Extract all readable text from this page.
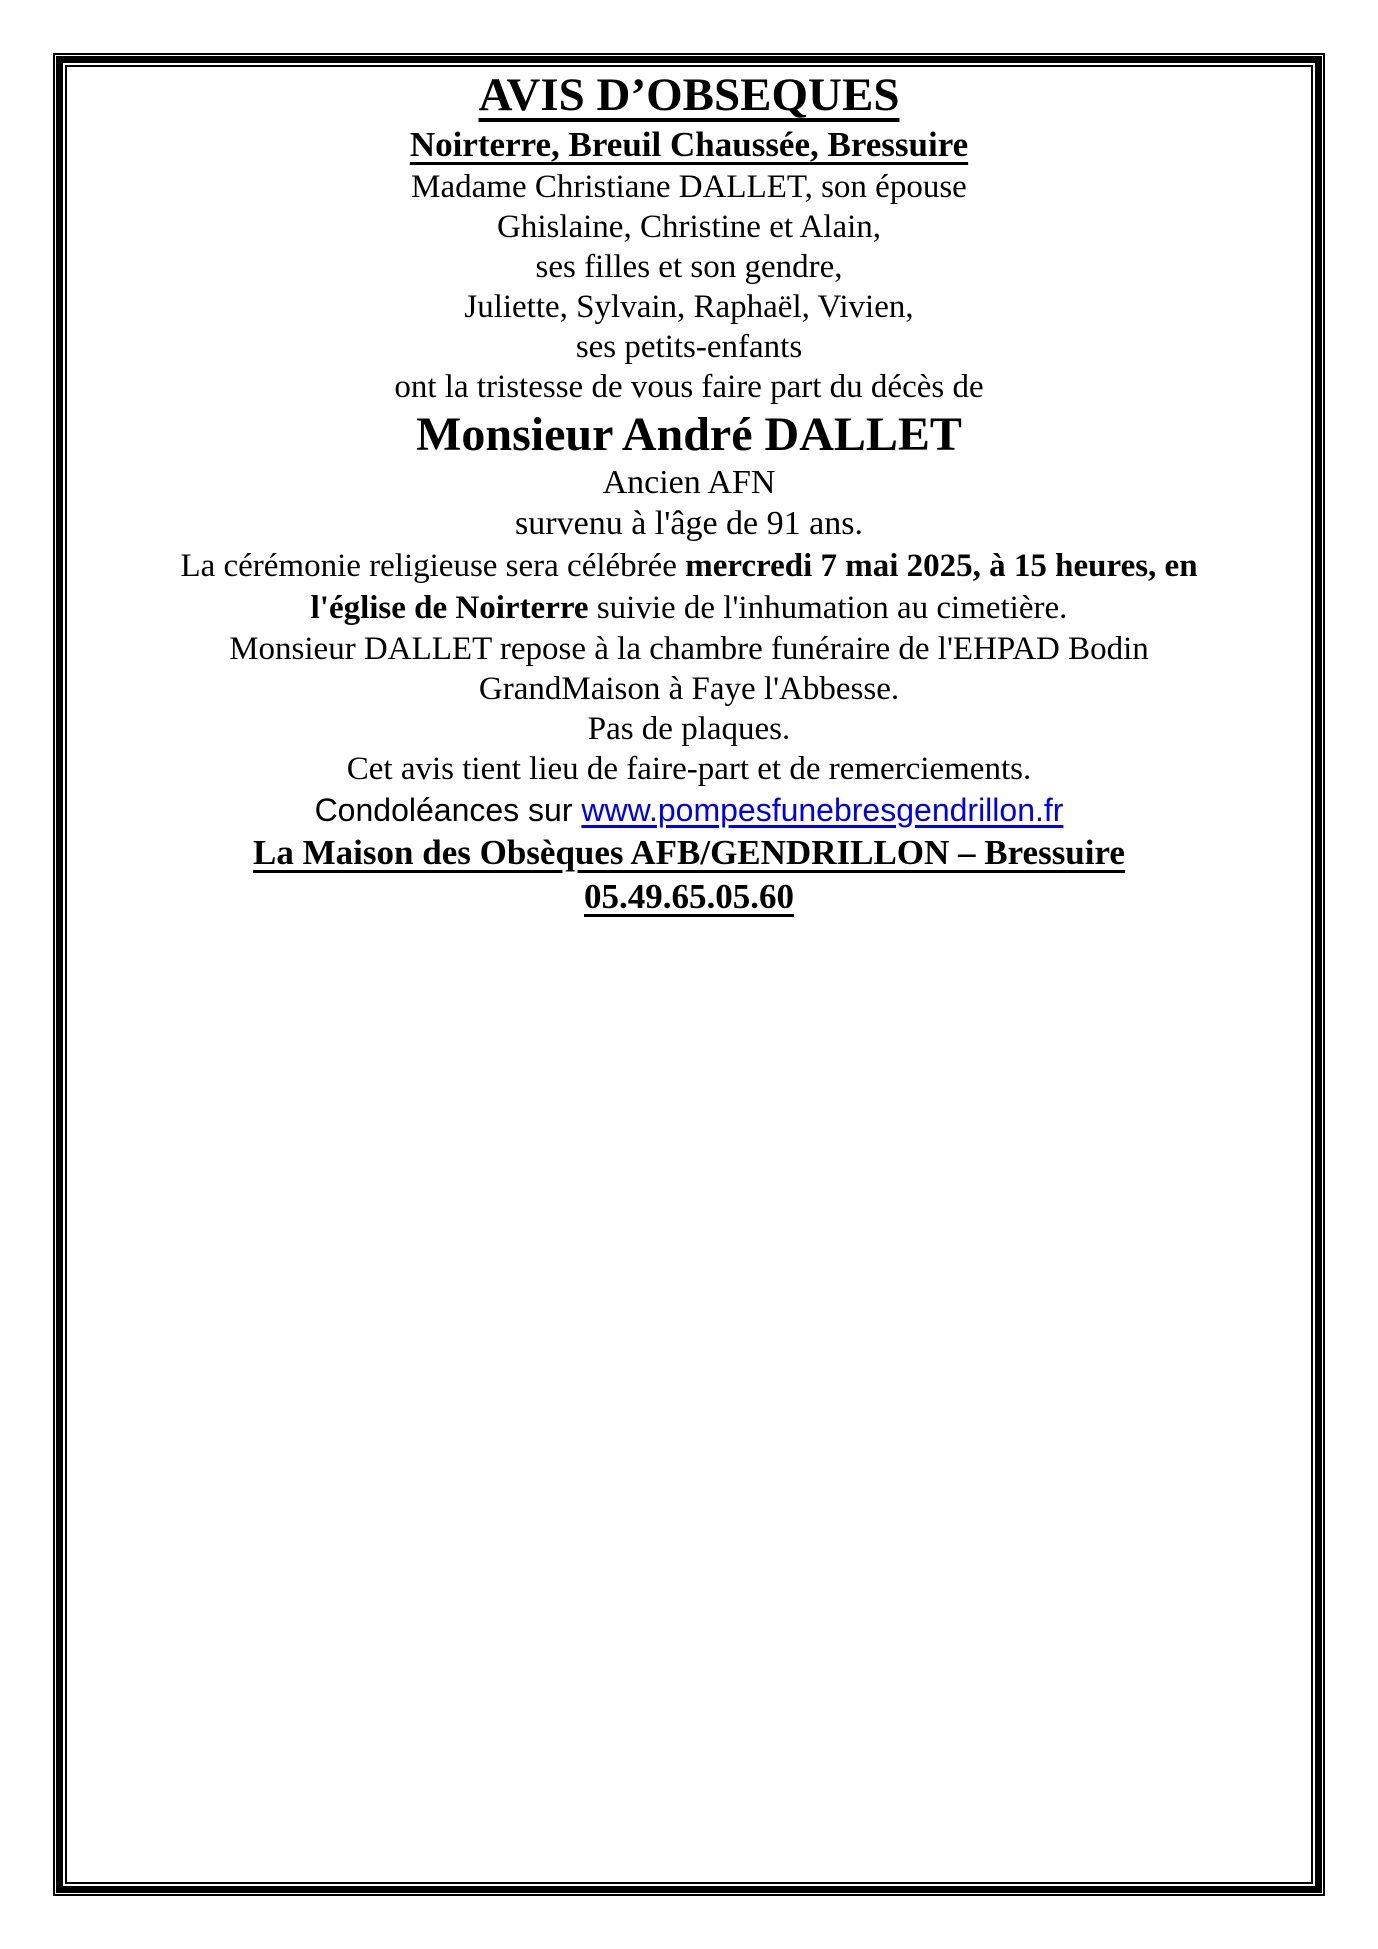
AVIS D’OBSEQUES

Noirterre, Breuil Chaussée, Bressuire

Madame Christiane DALLET, son épouse

Ghislaine, Christine et Alain,
ses filles et son gendre,

Juliette, Sylvain, Raphaël, Vivien,
ses petits-enfants

ont la tristesse de vous faire part du décès de

Monsieur André DALLET

Ancien AFN

survenu à l'âge de 91 ans.

La cérémonie religieuse sera célébrée mercredi 7 mai 2025, à 15 heures, en
l'église de Noirterre suivie de l'inhumation au cimetière.

Monsieur DALLET repose à la chambre funéraire de l'EHPAD Bodin
GrandMaison à Faye l'Abbesse.

Pas de plaques.

Cet avis tient lieu de faire-part et de remerciements.

Condoléances sur www.pompesfunebresgendrillon.fr

La Maison des Obsèques AFB/GENDRILLON – Bressuire 05.49.65.05.60
